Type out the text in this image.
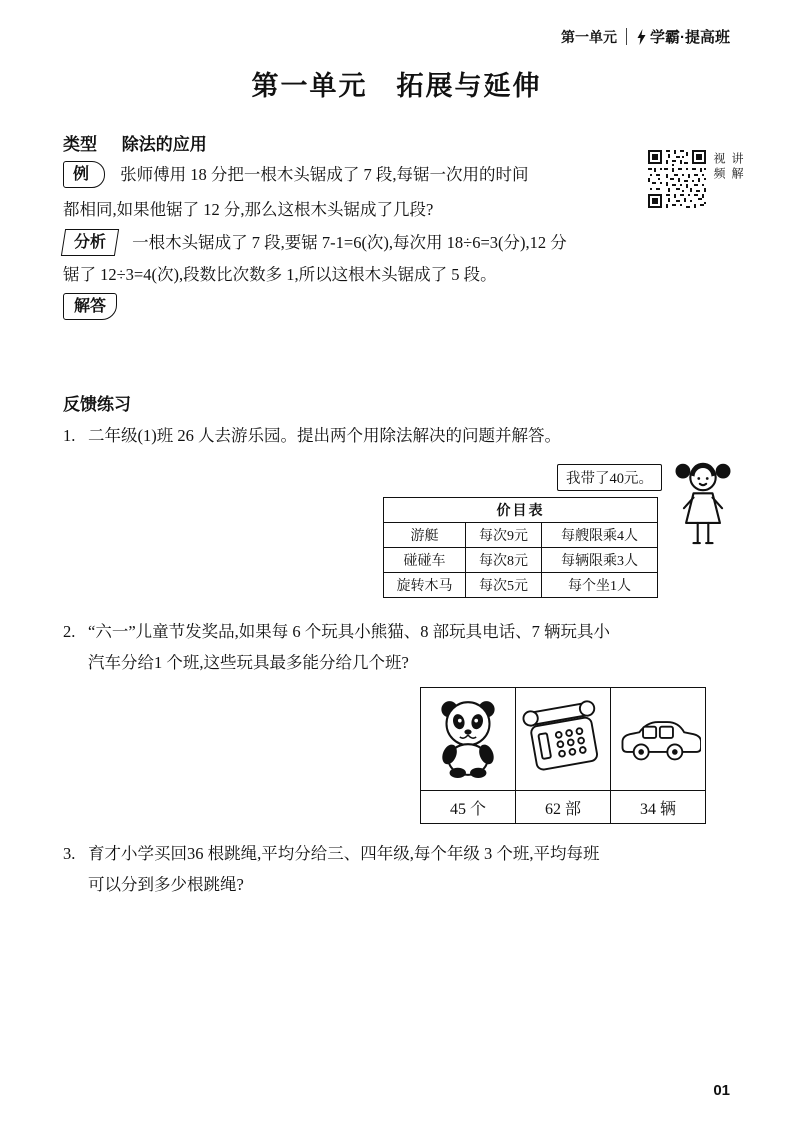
第一单元 学霸·提高班
第一单元　拓展与延伸
类型 除法的应用
例 张师傅用 18 分把一根木头锯成了 7 段,每锯一次用的时间
都相同,如果他锯了 12 分,那么这根木头锯成了几段?
视频 讲解
分析 一根木头锯成了 7 段,要锯 7-1=6(次),每次用 18÷6=3(分),12 分
锯了 12÷3=4(次),段数比次数多 1,所以这根木头锯成了 5 段。
解答
反馈练习
1. 二年级(1)班 26 人去游乐园。提出两个用除法解决的问题并解答。
我带了40元。
价目表		
游艇	每次9元	每艘限乘4人
碰碰车	每次8元	每辆限乘3人
旋转木马	每次5元	每个坐1人
2. “六一”儿童节发奖品,如果每 6 个玩具小熊猫、8 部玩具电话、7 辆玩具小
汽车分给1 个班,这些玩具最多能分给几个班?

45 个	62 部	34 辆
3. 育才小学买回36 根跳绳,平均分给三、四年级,每个年级 3 个班,平均每班
可以分到多少根跳绳?
01
